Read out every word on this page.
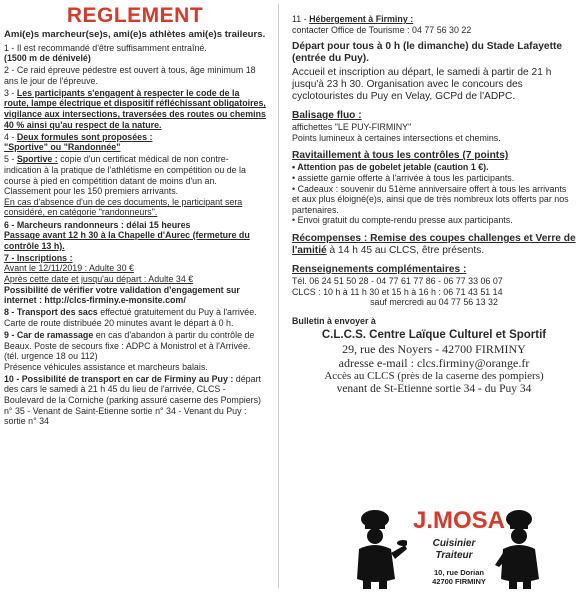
REGLEMENT

Ami(e)s marcheur(se)s, ami(e)s athlètes ami(e)s traileurs.

1 - Il est recommandé d'être suffisamment entraîné.

(1500 m de dénivelé)

2 - Ce raid épreuve pédestre est ouvert à tous, âge minimum 18 ans le jour de l'épreuve.

3 - Les participants s'engagent à respecter le code de la route, lampe électrique et dispositif réfléchissant obligatoires, vigilance aux intersections, traversées des routes ou chemins 40 % ainsi qu'au respect de la nature.

4 - Deux formules sont proposées :

"Sportive" ou "Randonnée"

5 - Sportive : copie d'un certificat médical de non contre-indication à la pratique de l'athlétisme en compétition ou de la course à pied en compétition datant de moins d'un an. Classement pour les 150 premiers arrivants.

En cas d'absence d'un de ces documents, le participant sera considéré, en catégorie "randonneurs".

6 - Marcheurs randonneurs : délai 15 heures

Passage avant 12 h 30 à la Chapelle d'Aurec (fermeture du contrôle 13 h).

7 - Inscriptions :

Avant le 12/11/2019 : Adulte 30 €

Après cette date et jusqu'au départ : Adulte 34 €

Possibilité de vérifier votre validation d'engagement sur internet : http://clcs-firminy.e-monsite.com/

8 - Transport des sacs effectué gratuitement du Puy à l'arrivée. Carte de route distribuée 20 minutes avant le départ à 0 h.

9 - Car de ramassage en cas d'abandon à partir du contrôle de Beaux. Poste de secours fixe : ADPC à Monistrol et à l'Arrivée. (tél. urgence 18 ou 112)

Présence véhicules assistance et marcheurs balais.

10 - Possibilité de transport en car de Firminy au Puy : départ des cars le samedi à 21 h 45 du lieu de l'arrivée, CLCS - Boulevard de la Corniche (parking assuré caserne des Pompiers) n° 35 - Venant de Saint-Etienne sortie n° 34 - Venant du Puy : sortie n° 34

11 - Hébergement à Firminy :

contacter Office de Tourisme : 04 77 56 30 22

Départ pour tous à 0 h (le dimanche) du Stade Lafayette (entrée du Puy).

Accueil et inscription au départ, le samedi à partir de 21 h jusqu'à 23 h 30. Organisation avec le concours des cyclotouristes du Puy en Velay, GCPd de l'ADPC.

Balisage fluo :

affichettes "LE PUY-FIRMINY"

Points lumineux à certaines intersections et chemins.

Ravitaillement à tous les contrôles (7 points)

• Attention pas de gobelet jetable (caution 1 €).

• assiette garnie offerte à l'arrivée à tous les participants.

• Cadeaux : souvenir du 51ème anniversaire offert à tous les arrivants et aux plus éloigné(e)s, ainsi que de très nombreux lots offerts par nos partenaires.

• Envoi gratuit du compte-rendu presse aux participants.

Récompenses : Remise des coupes challenges et Verre de l'amitié à 14 h 45 au CLCS, être présents.

Renseignements complémentaires :

Tél. 06 24 51 50 28 - 04 77 61 77 86 - 06 77 33 06 07

CLCS : 10 h à 11 h 30 et 15 h à 16 h : 06 71 43 51 14

sauf mercredi au 04 77 56 13 32

Bulletin à envoyer à

C.L.C.S. Centre Laïque Culturel et Sportif

29, rue des Noyers - 42700 FIRMINY

adresse e-mail : clcs.firminy@orange.fr

Accès au CLCS (près de la caserne des pompiers)

venant de St-Etienne sortie 34 - du Puy 34

J.MOSA
Cuisinier
Traiteur
10, rue Dorian
42700 FIRMINY
